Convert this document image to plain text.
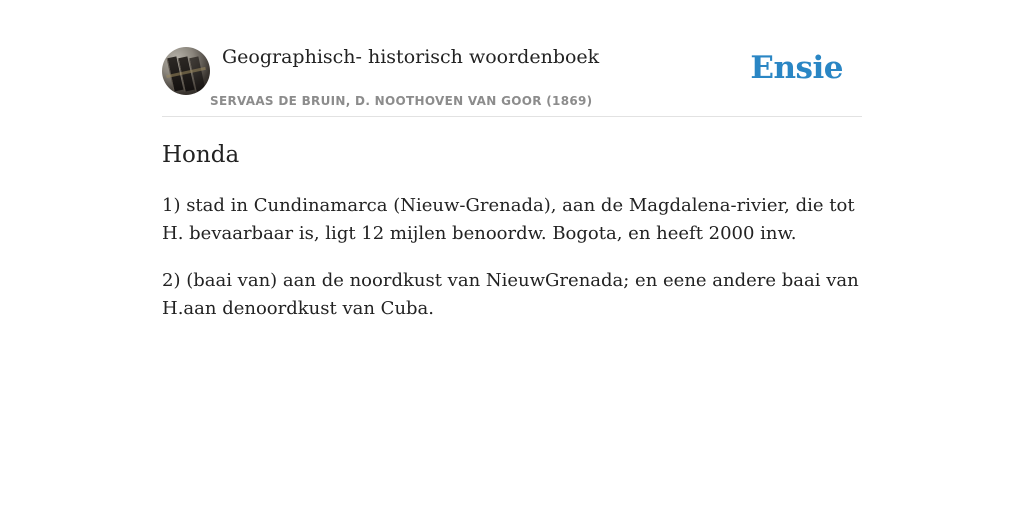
Geographisch- historisch woordenboek
SERVAAS DE BRUIN, D. NOOTHOVEN VAN GOOR (1869)
Ensie
Honda

1) stad in Cundinamarca (Nieuw-Grenada), aan de Magdalena-rivier, die tot H. bevaarbaar is, ligt 12 mijlen benoordw. Bogota, en heeft 2000 inw.

2) (baai van) aan de noordkust van NieuwGrenada; en eene andere baai van H.aan denoordkust van Cuba.
